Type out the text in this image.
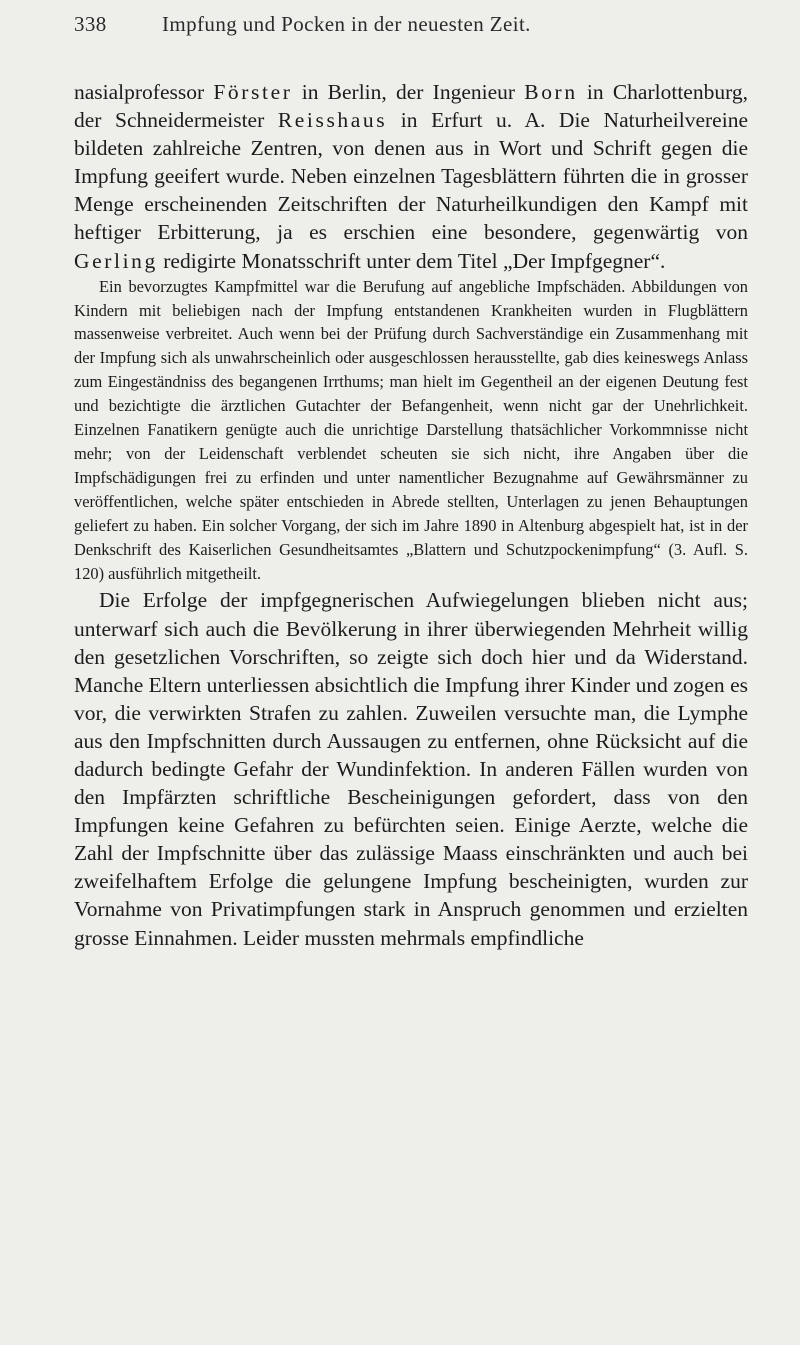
338	Impfung und Pocken in der neuesten Zeit.

nasialprofessor Förster in Berlin, der Ingenieur Born in Charlottenburg, der Schneidermeister Reisshaus in Erfurt u. A. Die Naturheilvereine bildeten zahlreiche Zentren, von denen aus in Wort und Schrift gegen die Impfung geeifert wurde. Neben einzelnen Tagesblättern führten die in grosser Menge erscheinenden Zeitschriften der Naturheilkundigen den Kampf mit heftiger Erbitterung, ja es erschien eine besondere, gegenwärtig von Gerling redigirte Monatsschrift unter dem Titel „Der Impfgegner“.

Ein bevorzugtes Kampfmittel war die Berufung auf angebliche Impfschäden. Abbildungen von Kindern mit beliebigen nach der Impfung entstandenen Krankheiten wurden in Flugblättern massenweise verbreitet. Auch wenn bei der Prüfung durch Sachverständige ein Zusammenhang mit der Impfung sich als unwahrscheinlich oder ausgeschlossen herausstellte, gab dies keineswegs Anlass zum Eingeständniss des begangenen Irrthums; man hielt im Gegentheil an der eigenen Deutung fest und bezichtigte die ärztlichen Gutachter der Befangenheit, wenn nicht gar der Unehrlichkeit. Einzelnen Fanatikern genügte auch die unrichtige Darstellung thatsächlicher Vorkommnisse nicht mehr; von der Leidenschaft verblendet scheuten sie sich nicht, ihre Angaben über die Impfschädigungen frei zu erfinden und unter namentlicher Bezugnahme auf Gewährsmänner zu veröffentlichen, welche später entschieden in Abrede stellten, Unterlagen zu jenen Behauptungen geliefert zu haben. Ein solcher Vorgang, der sich im Jahre 1890 in Altenburg abgespielt hat, ist in der Denkschrift des Kaiserlichen Gesundheitsamtes „Blattern und Schutzpockenimpfung“ (3. Aufl. S. 120) ausführlich mitgetheilt.

Die Erfolge der impfgegnerischen Aufwiegelungen blieben nicht aus; unterwarf sich auch die Bevölkerung in ihrer überwiegenden Mehrheit willig den gesetzlichen Vorschriften, so zeigte sich doch hier und da Widerstand. Manche Eltern unterliessen absichtlich die Impfung ihrer Kinder und zogen es vor, die verwirkten Strafen zu zahlen. Zuweilen versuchte man, die Lymphe aus den Impfschnitten durch Aussaugen zu entfernen, ohne Rücksicht auf die dadurch bedingte Gefahr der Wundinfektion. In anderen Fällen wurden von den Impfärzten schriftliche Bescheinigungen gefordert, dass von den Impfungen keine Gefahren zu befürchten seien. Einige Aerzte, welche die Zahl der Impfschnitte über das zulässige Maass einschränkten und auch bei zweifelhaftem Erfolge die gelungene Impfung bescheinigten, wurden zur Vornahme von Privatimpfungen stark in Anspruch genommen und erzielten grosse Einnahmen. Leider mussten mehrmals empfindliche
